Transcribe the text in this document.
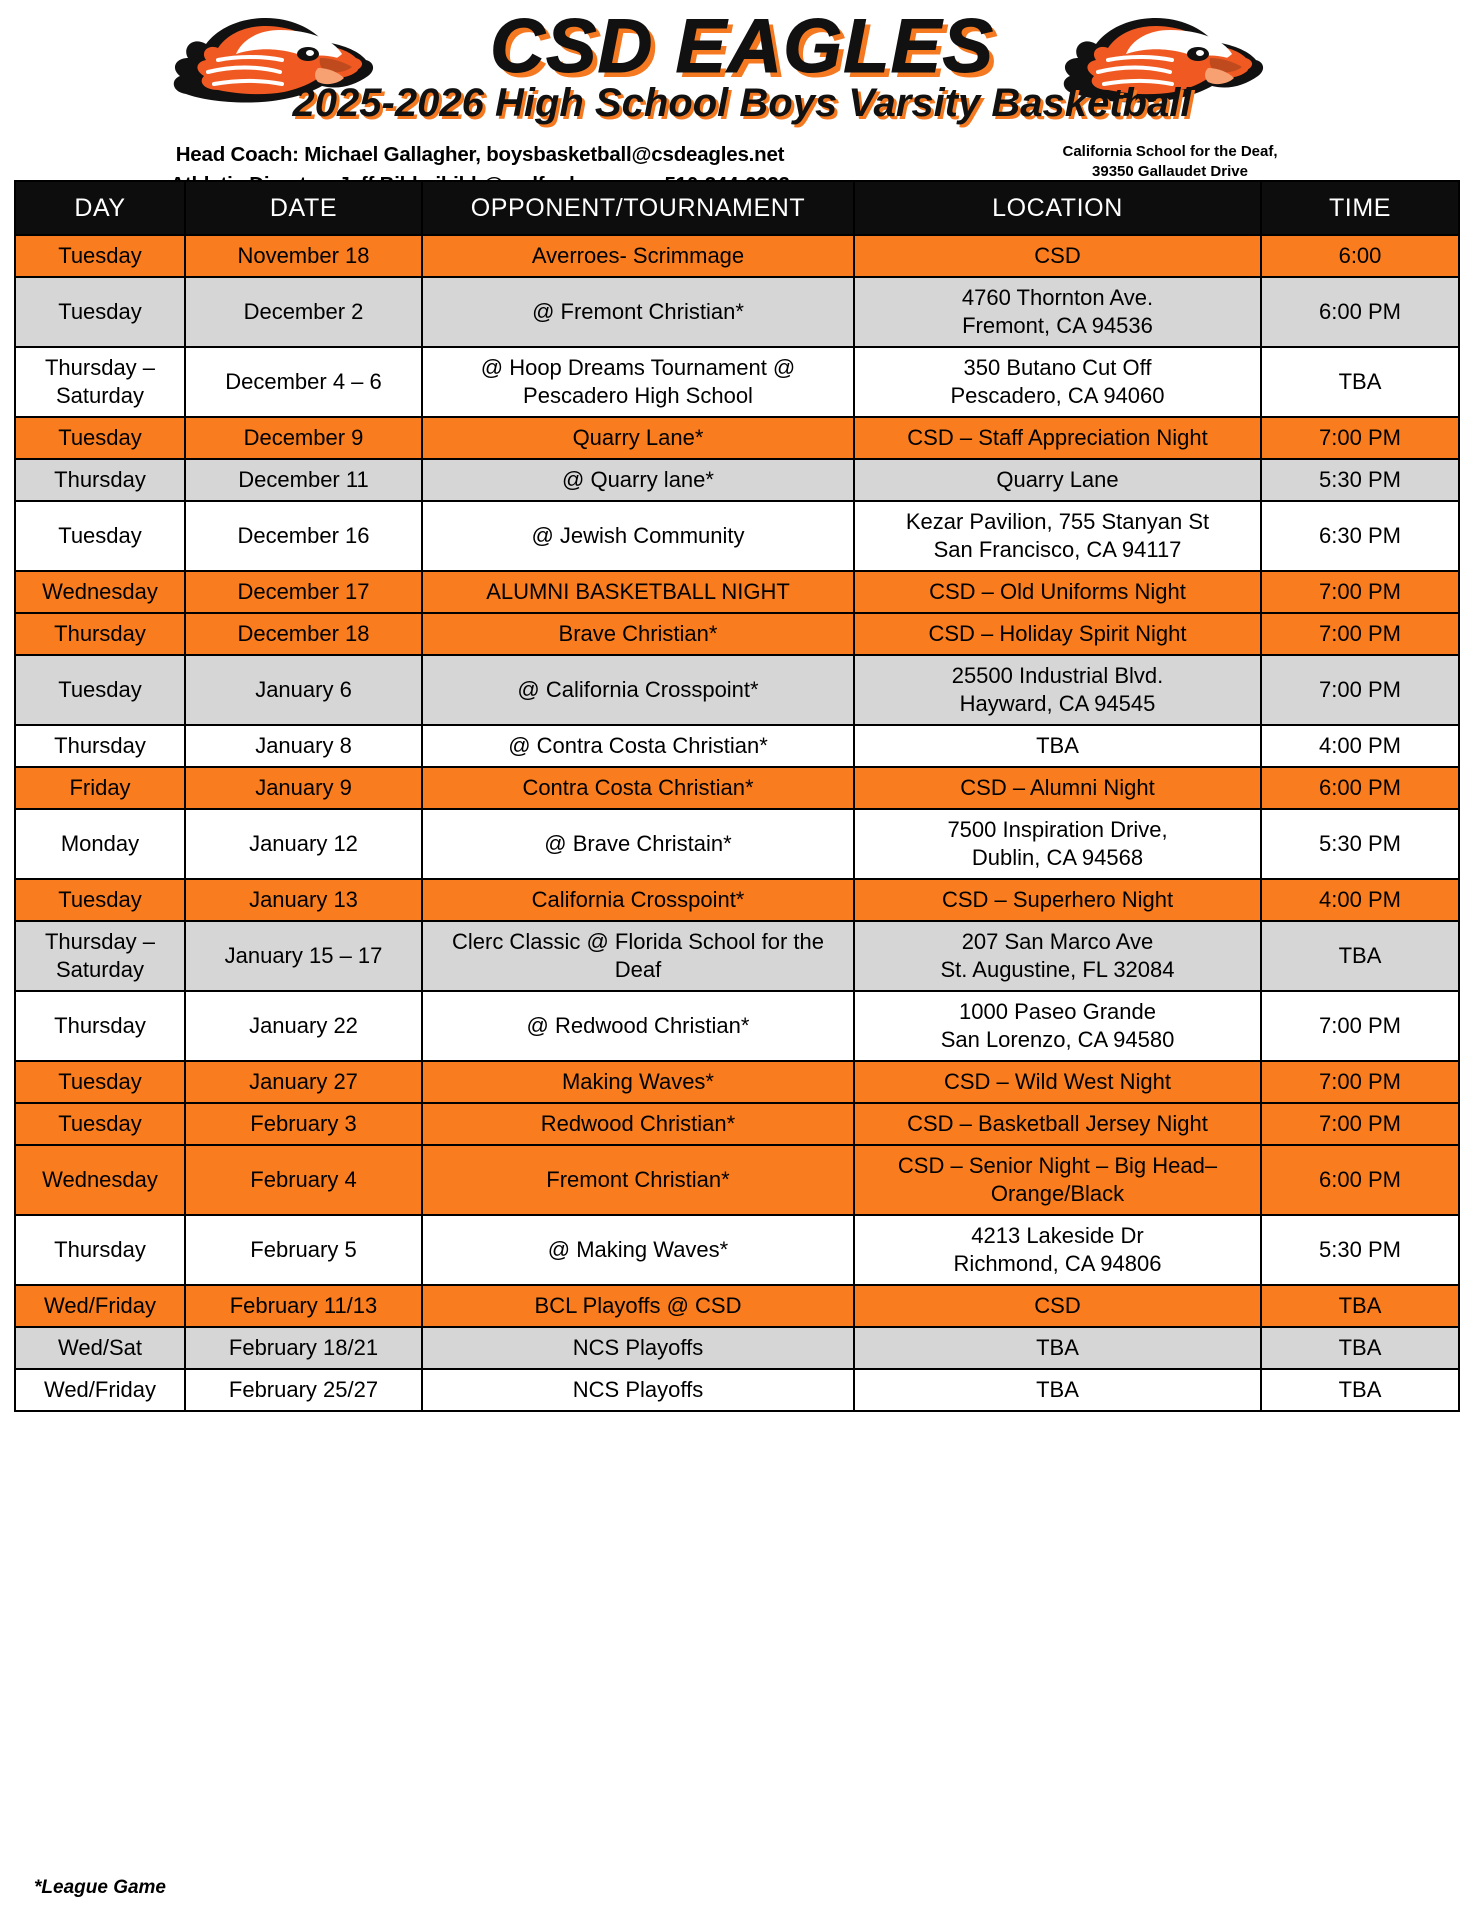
CSD EAGLES
2025-2026 High School Boys Varsity Basketball
Head Coach: Michael Gallagher, boysbasketball@csdeagles.net	California School for the Deaf,
39350 Gallaudet Drive
DAY	DATE	OPPONENT/TOURNAMENT	LOCATION	TIME
Tuesday	November 18	Averroes- Scrimmage	CSD	6:00
Tuesday	December 2	@ Fremont Christian*	4760 Thornton Ave.
Fremont, CA 94536	6:00 PM
Thursday –
Saturday	December 4 – 6	@ Hoop Dreams Tournament @ Pescadero High School	350 Butano Cut Off
Pescadero, CA 94060	TBA
Tuesday	December 9	Quarry Lane*	CSD – Staff Appreciation Night	7:00 PM
Thursday	December 11	@ Quarry lane*	Quarry Lane	5:30 PM
Tuesday	December 16	@ Jewish Community	Kezar Pavilion, 755 Stanyan St
San Francisco, CA 94117	6:30 PM
Wednesday	December 17	ALUMNI BASKETBALL NIGHT	CSD – Old Uniforms Night	7:00 PM
Thursday	December 18	Brave Christian*	CSD – Holiday Spirit Night	7:00 PM
Tuesday	January 6	@ California Crosspoint*	25500 Industrial Blvd.
Hayward, CA 94545	7:00 PM
Thursday	January 8	@ Contra Costa Christian*	TBA	4:00 PM
Friday	January 9	Contra Costa Christian*	CSD – Alumni Night	6:00 PM
Monday	January 12	@ Brave Christain*	7500 Inspiration Drive,
Dublin, CA 94568	5:30 PM
Tuesday	January 13	California Crosspoint*	CSD – Superhero Night	4:00 PM
Thursday –
Saturday	January 15 – 17	Clerc Classic @ Florida School for the Deaf	207 San Marco Ave
St. Augustine, FL 32084	TBA
Thursday	January 22	@ Redwood Christian*	1000 Paseo Grande
San Lorenzo, CA 94580	7:00 PM
Tuesday	January 27	Making Waves*	CSD – Wild West Night	7:00 PM
Tuesday	February 3	Redwood Christian*	CSD – Basketball Jersey Night	7:00 PM
Wednesday	February 4	Fremont Christian*	CSD – Senior Night – Big Head–
Orange/Black	6:00 PM
Thursday	February 5	@ Making Waves*	4213 Lakeside Dr
Richmond, CA 94806	5:30 PM
Wed/Friday	February 11/13	BCL Playoffs @ CSD	CSD	TBA
Wed/Sat	February 18/21	NCS Playoffs	TBA	TBA
Wed/Friday	February 25/27	NCS Playoffs	TBA	TBA
*League Game
